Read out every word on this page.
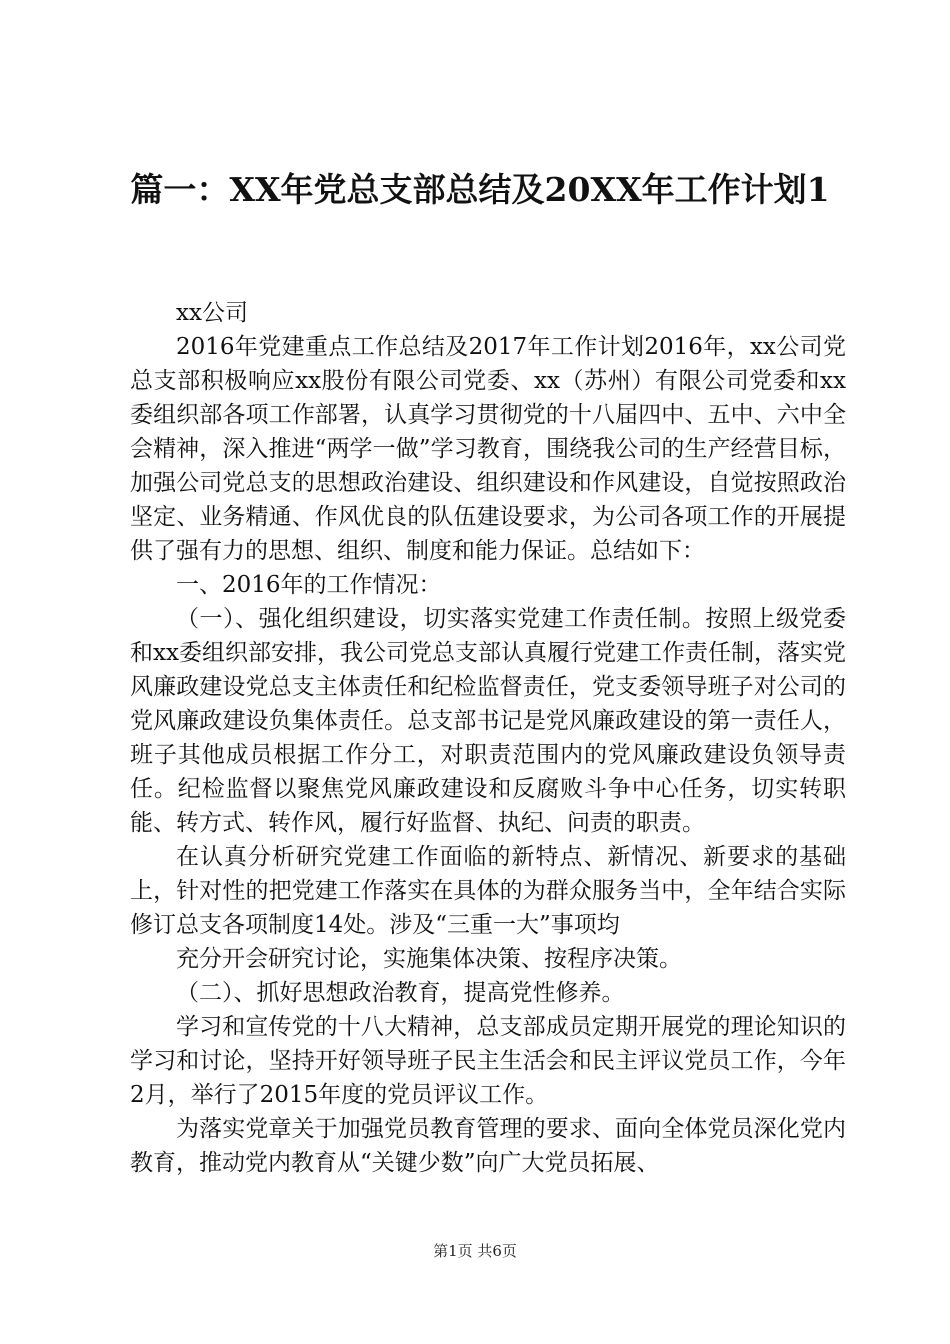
篇一：XX年党总支部总结及20XX年工作计划1

xx公司

2016年党建重点工作总结及2017年工作计划2016年，xx公司党总支部积极响应xx股份有限公司党委、xx（苏州）有限公司党委和xx委组织部各项工作部署，认真学习贯彻党的十八届四中、五中、六中全会精神，深入推进“两学一做”学习教育，围绕我公司的生产经营目标，加强公司党总支的思想政治建设、组织建设和作风建设，自觉按照政治坚定、业务精通、作风优良的队伍建设要求，为公司各项工作的开展提供了强有力的思想、组织、制度和能力保证。总结如下：

一、2016年的工作情况：

（一）、强化组织建设，切实落实党建工作责任制。按照上级党委和xx委组织部安排，我公司党总支部认真履行党建工作责任制，落实党风廉政建设党总支主体责任和纪检监督责任，党支委领导班子对公司的党风廉政建设负集体责任。总支部书记是党风廉政建设的第一责任人，班子其他成员根据工作分工，对职责范围内的党风廉政建设负领导责任。纪检监督以聚焦党风廉政建设和反腐败斗争中心任务，切实转职能、转方式、转作风，履行好监督、执纪、问责的职责。

在认真分析研究党建工作面临的新特点、新情况、新要求的基础上，针对性的把党建工作落实在具体的为群众服务当中，全年结合实际修订总支各项制度14处。涉及“三重一大”事项均

充分开会研究讨论，实施集体决策、按程序决策。

（二）、抓好思想政治教育，提高党性修养。

学习和宣传党的十八大精神，总支部成员定期开展党的理论知识的学习和讨论，坚持开好领导班子民主生活会和民主评议党员工作，今年2月，举行了2015年度的党员评议工作。

为落实党章关于加强党员教育管理的要求、面向全体党员深化党内教育，推动党内教育从“关键少数”向广大党员拓展、

第1页 共6页
